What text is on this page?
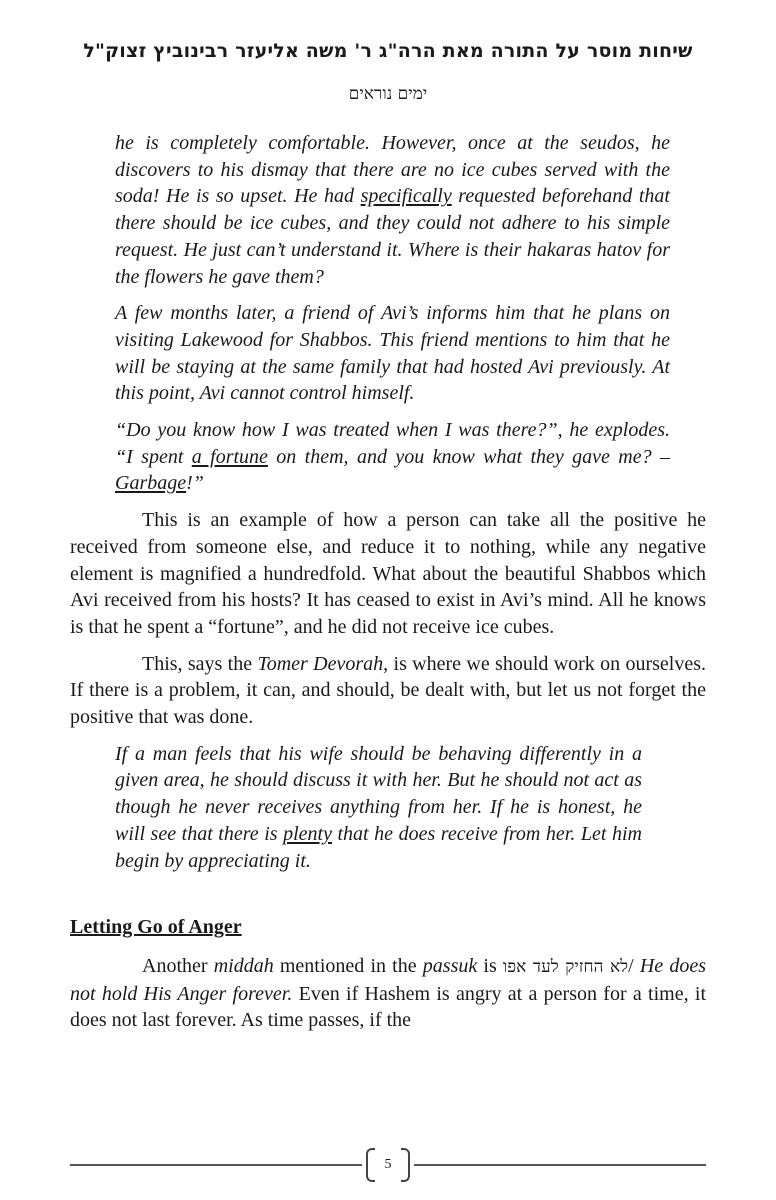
שיחות מוסר על התורה מאת הרה"ג ר' משה אליעזר רבינוביץ זצוק"ל
ימים נוראים

he is completely comfortable. However, once at the seudos, he discovers to his dismay that there are no ice cubes served with the soda! He is so upset. He had specifically requested beforehand that there should be ice cubes, and they could not adhere to his simple request. He just can’t understand it. Where is their hakaras hatov for the flowers he gave them?

A few months later, a friend of Avi’s informs him that he plans on visiting Lakewood for Shabbos. This friend mentions to him that he will be staying at the same family that had hosted Avi previously. At this point, Avi cannot control himself.

“Do you know how I was treated when I was there?”, he explodes. “I spent a fortune on them, and you know what they gave me? – Garbage!”

This is an example of how a person can take all the positive he received from someone else, and reduce it to nothing, while any negative element is magnified a hundredfold. What about the beautiful Shabbos which Avi received from his hosts? It has ceased to exist in Avi’s mind. All he knows is that he spent a “fortune”, and he did not receive ice cubes.

This, says the Tomer Devorah, is where we should work on ourselves. If there is a problem, it can, and should, be dealt with, but let us not forget the positive that was done.

If a man feels that his wife should be behaving differently in a given area, he should discuss it with her. But he should not act as though he never receives anything from her. If he is honest, he will see that there is plenty that he does receive from her. Let him begin by appreciating it.

Letting Go of Anger

Another middah mentioned in the passuk is לא החזיק לעד אפו/ He does not hold His Anger forever. Even if Hashem is angry at a person for a time, it does not last forever. As time passes, if the

5
